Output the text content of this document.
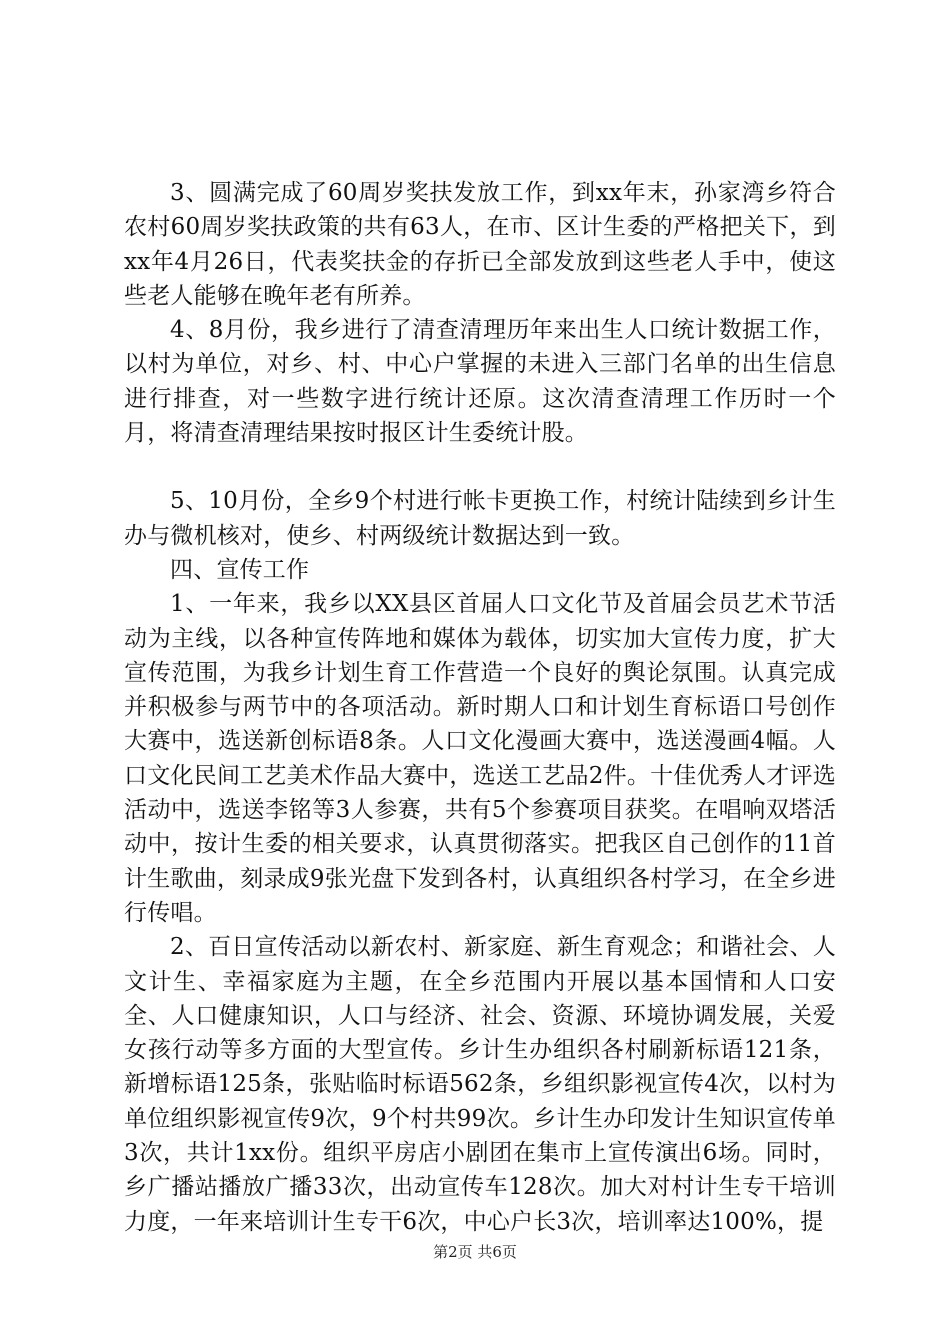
3、圆满完成了60周岁奖扶发放工作，到xx年末，孙家湾乡符合农村60周岁奖扶政策的共有63人，在市、区计生委的严格把关下，到xx年4月26日，代表奖扶金的存折已全部发放到这些老人手中，使这些老人能够在晚年老有所养。

4、8月份，我乡进行了清查清理历年来出生人口统计数据工作，以村为单位，对乡、村、中心户掌握的未进入三部门名单的出生信息进行排查，对一些数字进行统计还原。这次清查清理工作历时一个月，将清查清理结果按时报区计生委统计股。

5、10月份，全乡9个村进行帐卡更换工作，村统计陆续到乡计生办与微机核对，使乡、村两级统计数据达到一致。

四、宣传工作

1、一年来，我乡以XX县区首届人口文化节及首届会员艺术节活动为主线，以各种宣传阵地和媒体为载体，切实加大宣传力度，扩大宣传范围，为我乡计划生育工作营造一个良好的舆论氛围。认真完成并积极参与两节中的各项活动。新时期人口和计划生育标语口号创作大赛中，选送新创标语8条。人口文化漫画大赛中，选送漫画4幅。人口文化民间工艺美术作品大赛中，选送工艺品2件。十佳优秀人才评选活动中，选送李铭等3人参赛，共有5个参赛项目获奖。在唱响双塔活动中，按计生委的相关要求，认真贯彻落实。把我区自己创作的11首计生歌曲，刻录成9张光盘下发到各村，认真组织各村学习，在全乡进行传唱。

2、百日宣传活动以新农村、新家庭、新生育观念；和谐社会、人文计生、幸福家庭为主题，在全乡范围内开展以基本国情和人口安全、人口健康知识，人口与经济、社会、资源、环境协调发展，关爱女孩行动等多方面的大型宣传。乡计生办组织各村刷新标语121条，新增标语125条，张贴临时标语562条，乡组织影视宣传4次，以村为单位组织影视宣传9次，9个村共99次。乡计生办印发计生知识宣传单3次，共计1xx份。组织平房店小剧团在集市上宣传演出6场。同时，乡广播站播放广播33次，出动宣传车128次。加大对村计生专干培训力度，一年来培训计生专干6次，中心户长3次，培训率达100%，提

第2页 共6页
